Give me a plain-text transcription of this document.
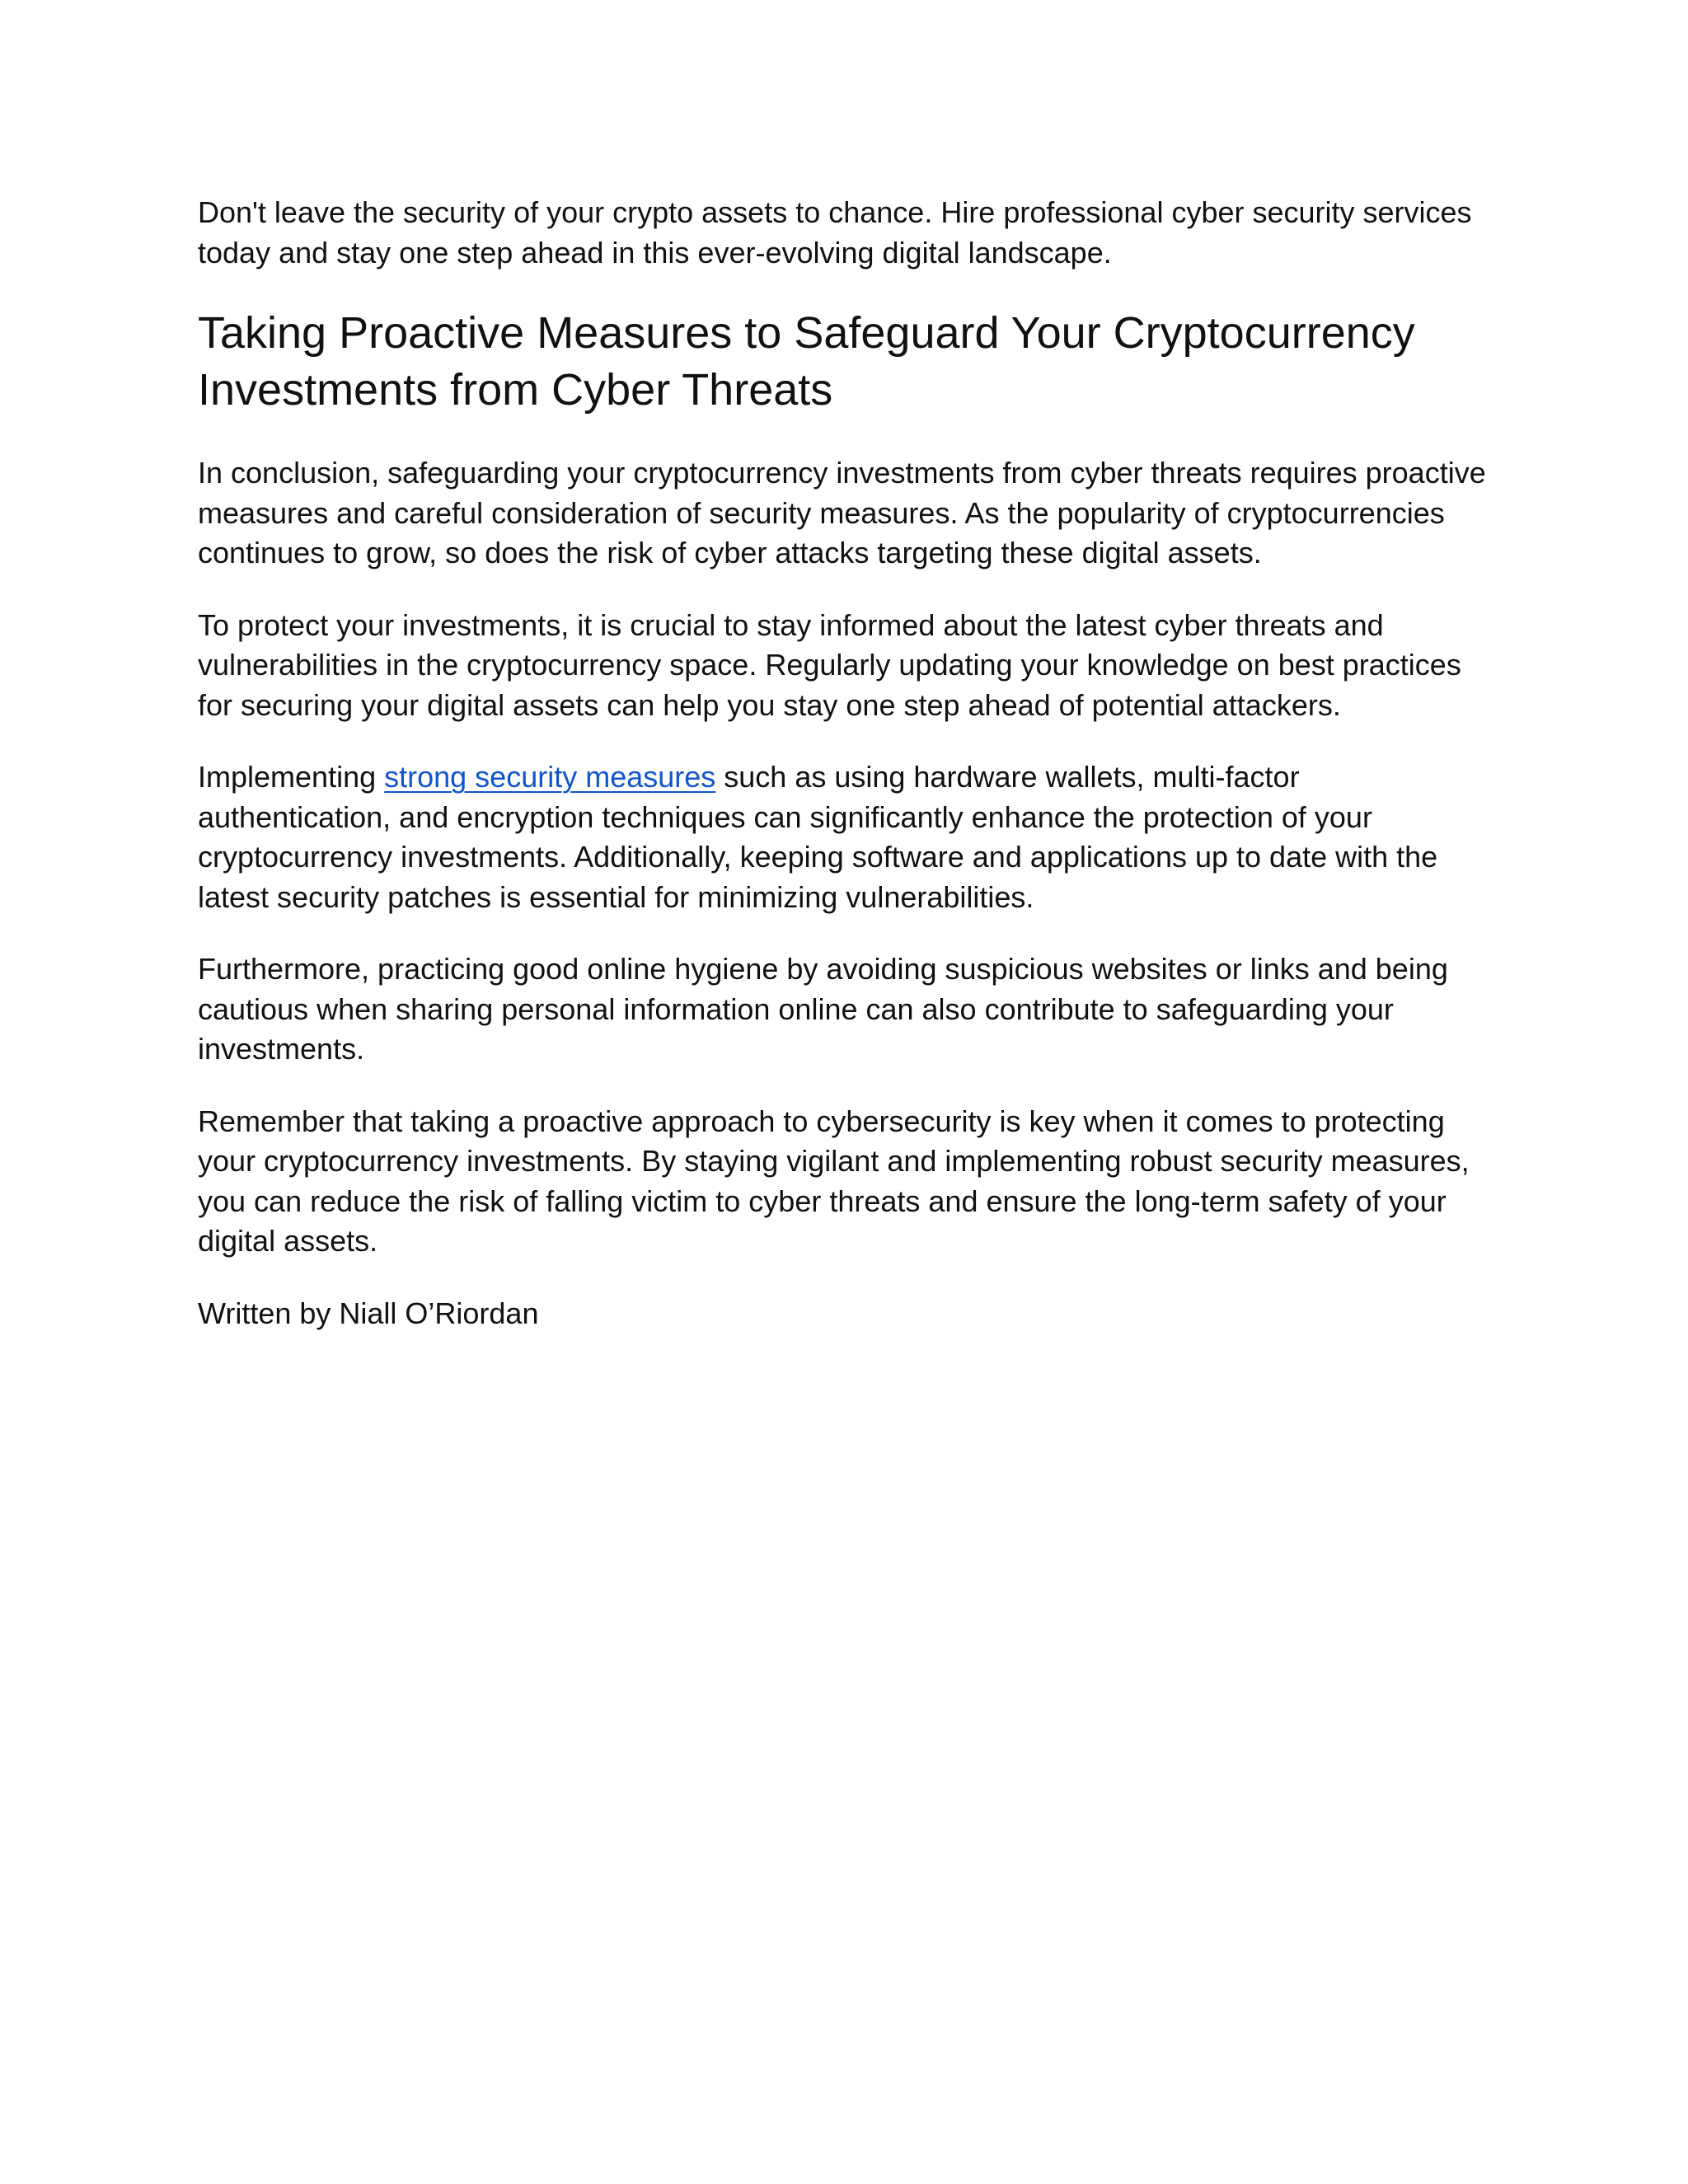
Don't leave the security of your crypto assets to chance. Hire professional cyber security services today and stay one step ahead in this ever-evolving digital landscape.

Taking Proactive Measures to Safeguard Your Cryptocurrency Investments from Cyber Threats

In conclusion, safeguarding your cryptocurrency investments from cyber threats requires proactive measures and careful consideration of security measures. As the popularity of cryptocurrencies continues to grow, so does the risk of cyber attacks targeting these digital assets.

To protect your investments, it is crucial to stay informed about the latest cyber threats and vulnerabilities in the cryptocurrency space. Regularly updating your knowledge on best practices for securing your digital assets can help you stay one step ahead of potential attackers.

Implementing strong security measures such as using hardware wallets, multi-factor authentication, and encryption techniques can significantly enhance the protection of your cryptocurrency investments. Additionally, keeping software and applications up to date with the latest security patches is essential for minimizing vulnerabilities.

Furthermore, practicing good online hygiene by avoiding suspicious websites or links and being cautious when sharing personal information online can also contribute to safeguarding your investments.

Remember that taking a proactive approach to cybersecurity is key when it comes to protecting your cryptocurrency investments. By staying vigilant and implementing robust security measures, you can reduce the risk of falling victim to cyber threats and ensure the long-term safety of your digital assets.

Written by Niall O’Riordan
